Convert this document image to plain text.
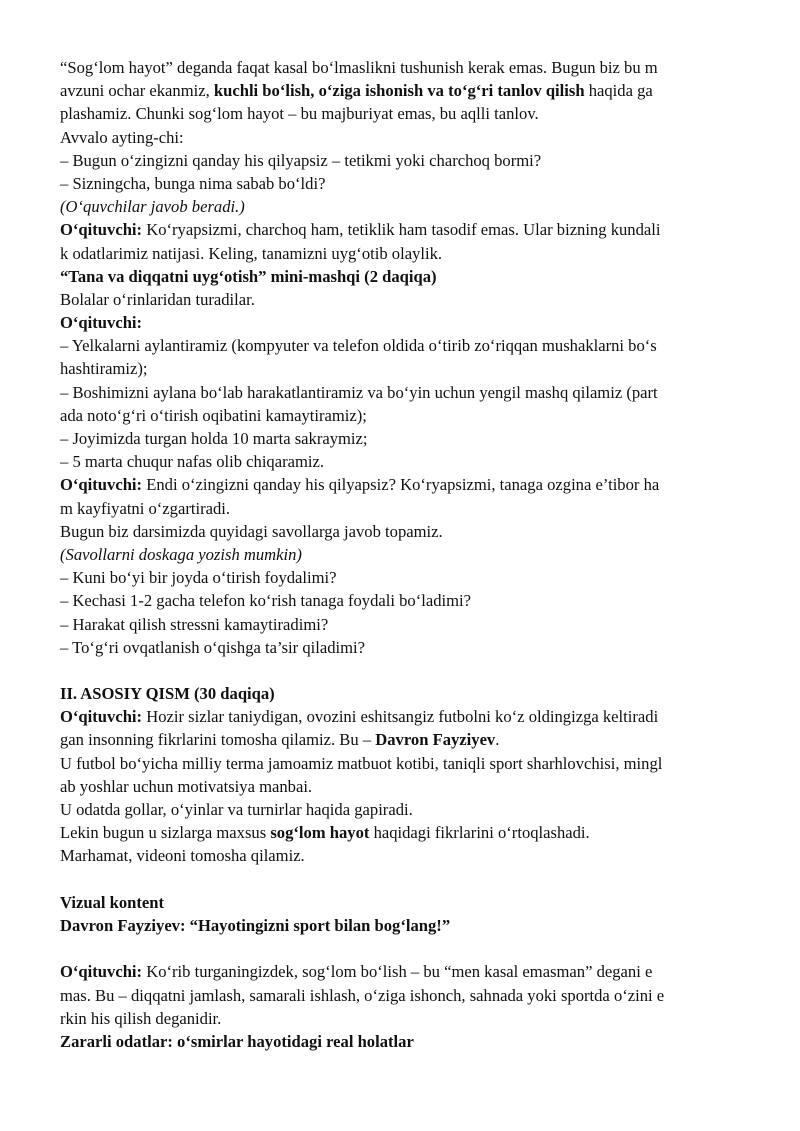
“Sog‘lom hayot” deganda faqat kasal bo‘lmaslikni tushunish kerak emas. Bugun biz bu m
avzuni ochar ekanmiz, kuchli bo‘lish, o‘ziga ishonish va to‘g‘ri tanlov qilish haqida ga
plashamiz. Chunki sog‘lom hayot – bu majburiyat emas, bu aqlli tanlov.
Avvalo ayting-chi:
– Bugun o‘zingizni qanday his qilyapsiz – tetikmi yoki charchoq bormi?
– Sizningcha, bunga nima sabab bo‘ldi?
(O‘quvchilar javob beradi.)
O‘qituvchi: Ko‘ryapsizmi, charchoq ham, tetiklik ham tasodif emas. Ular bizning kundali
k odatlarimiz natijasi. Keling, tanamizni uyg‘otib olaylik.
“Tana va diqqatni uyg‘otish” mini-mashqi (2 daqiqa)
Bolalar o‘rinlaridan turadilar.
O‘qituvchi:
– Yelkalarni aylantiramiz (kompyuter va telefon oldida o‘tirib zo‘riqqan mushaklarni bo‘s
hashtiramiz);
– Boshimizni aylana bo‘lab harakatlantiramiz va bo‘yin uchun yengil mashq qilamiz (part
ada noto‘g‘ri o‘tirish oqibatini kamaytiramiz);
– Joyimizda turgan holda 10 marta sakraymiz;
– 5 marta chuqur nafas olib chiqaramiz.
O‘qituvchi: Endi o‘zingizni qanday his qilyapsiz? Ko‘ryapsizmi, tanaga ozgina e’tibor ha
m kayfiyatni o‘zgartiradi.
Bugun biz darsimizda quyidagi savollarga javob topamiz.
(Savollarni doskaga yozish mumkin)
– Kuni bo‘yi bir joyda o‘tirish foydalimi?
– Kechasi 1-2 gacha telefon ko‘rish tanaga foydali bo‘ladimi?
– Harakat qilish stressni kamaytiradimi?
– To‘g‘ri ovqatlanish o‘qishga ta’sir qiladimi?
II. ASOSIY QISM (30 daqiqa)
O‘qituvchi: Hozir sizlar taniydigan, ovozini eshitsangiz futbolni ko‘z oldingizga keltiradi
gan insonning fikrlarini tomosha qilamiz. Bu – Davron Fayziyev.
U futbol bo‘yicha milliy terma jamoamiz matbuot kotibi, taniqli sport sharhlovchisi, mingl
ab yoshlar uchun motivatsiya manbai.
U odatda gollar, o‘yinlar va turnirlar haqida gapiradi.
Lekin bugun u sizlarga maxsus sog‘lom hayot haqidagi fikrlarini o‘rtoqlashadi.
Marhamat, videoni tomosha qilamiz.
Vizual kontent
Davron Fayziyev: “Hayotingizni sport bilan bog‘lang!”
O‘qituvchi: Ko‘rib turganingizdek, sog‘lom bo‘lish – bu “men kasal emasman” degani e
mas. Bu – diqqatni jamlash, samarali ishlash, o‘ziga ishonch, sahnada yoki sportda o‘zini e
rkin his qilish deganidir.
Zararli odatlar: o‘smirlar hayotidagi real holatlar
